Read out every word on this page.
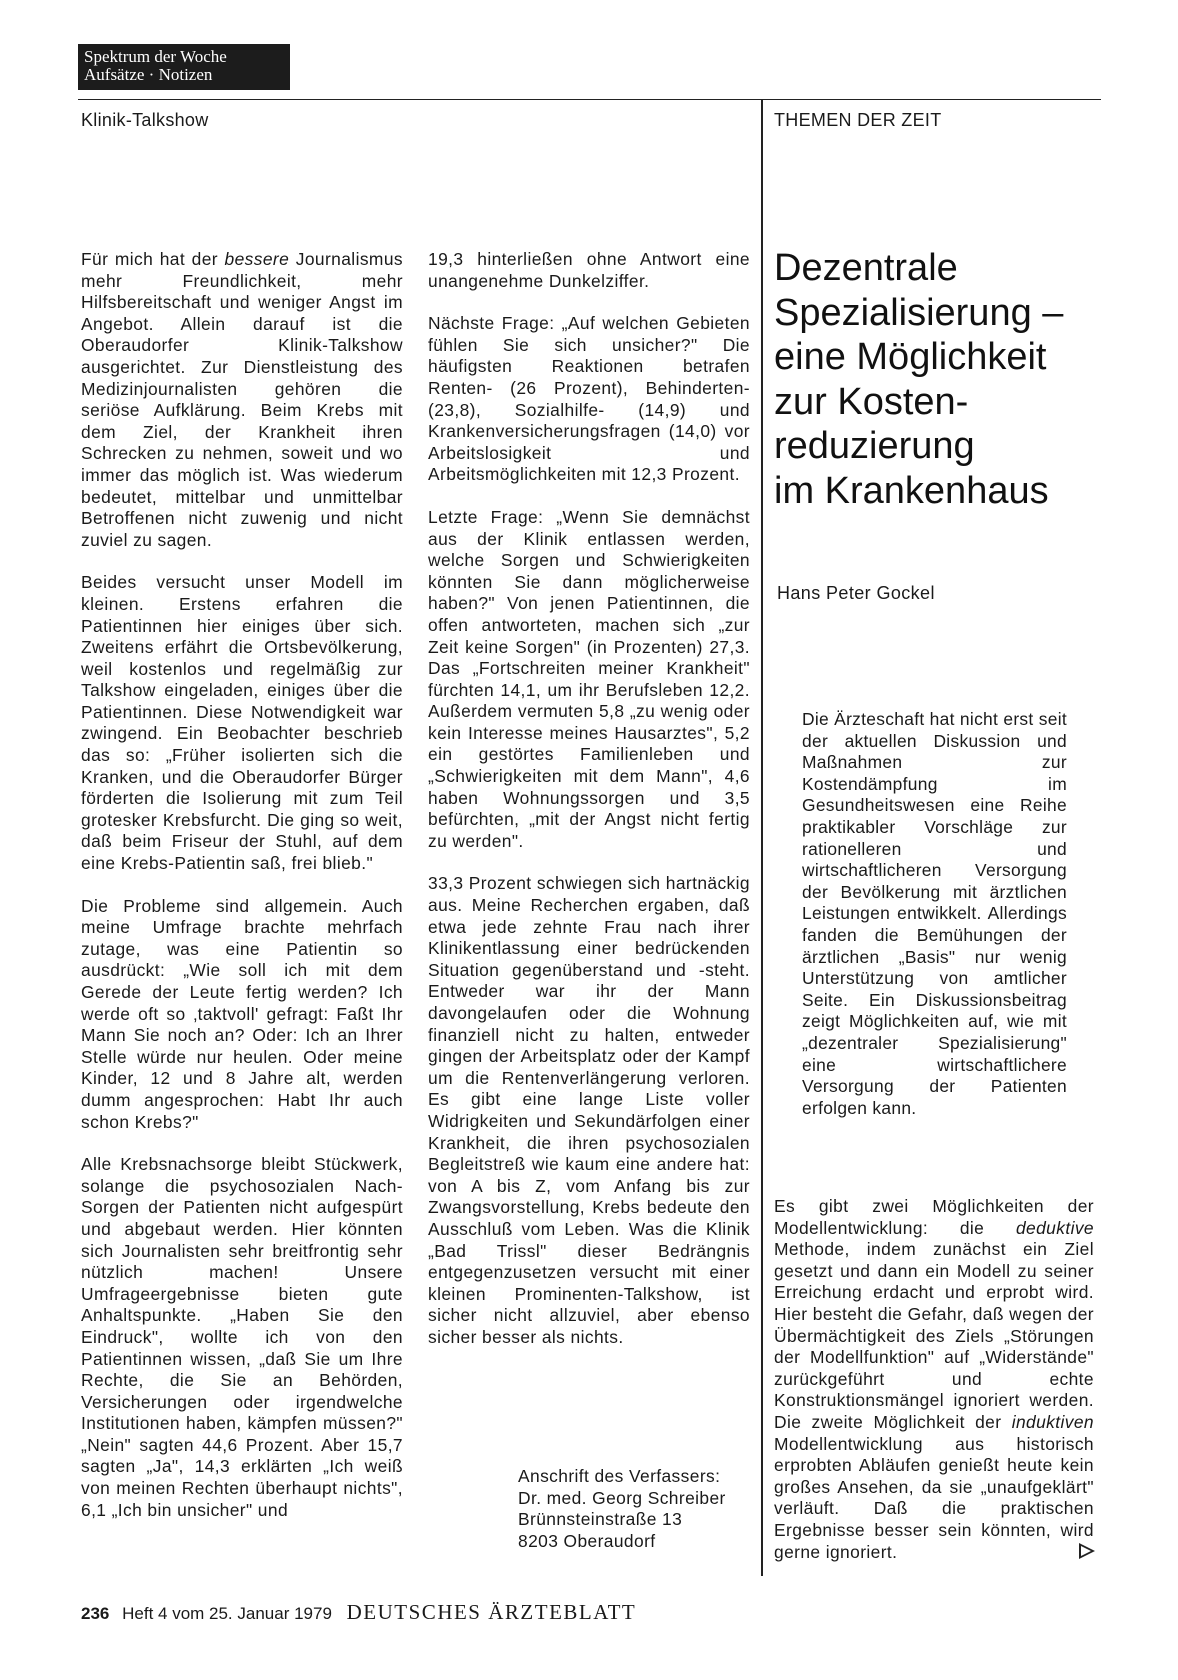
Spektrum der Woche
Aufsätze · Notizen
Klinik-Talkshow	THEMEN DER ZEIT

Für mich hat der bessere Journalismus mehr Freundlichkeit, mehr Hilfsbereitschaft und weniger Angst im Angebot. Allein darauf ist die Oberaudorfer Klinik-Talkshow ausgerichtet. Zur Dienstleistung des Medizinjournalisten gehören die seriöse Aufklärung. Beim Krebs mit dem Ziel, der Krankheit ihren Schrecken zu nehmen, soweit und wo immer das möglich ist. Was wiederum bedeutet, mittelbar und unmittelbar Betroffenen nicht zuwenig und nicht zuviel zu sagen.

Beides versucht unser Modell im kleinen. Erstens erfahren die Patientinnen hier einiges über sich. Zweitens erfährt die Ortsbevölkerung, weil kostenlos und regelmäßig zur Talkshow eingeladen, einiges über die Patientinnen. Diese Notwendigkeit war zwingend. Ein Beobachter beschrieb das so: „Früher isolierten sich die Kranken, und die Oberaudorfer Bürger förderten die Isolierung mit zum Teil grotesker Krebsfurcht. Die ging so weit, daß beim Friseur der Stuhl, auf dem eine Krebs-Patientin saß, frei blieb."

Die Probleme sind allgemein. Auch meine Umfrage brachte mehrfach zutage, was eine Patientin so ausdrückt: „Wie soll ich mit dem Gerede der Leute fertig werden? Ich werde oft so ‚taktvoll' gefragt: Faßt Ihr Mann Sie noch an? Oder: Ich an Ihrer Stelle würde nur heulen. Oder meine Kinder, 12 und 8 Jahre alt, werden dumm angesprochen: Habt Ihr auch schon Krebs?"

Alle Krebsnachsorge bleibt Stückwerk, solange die psychosozialen Nach-Sorgen der Patienten nicht aufgespürt und abgebaut werden. Hier könnten sich Journalisten sehr breitfrontig sehr nützlich machen! Unsere Umfrageergebnisse bieten gute Anhaltspunkte. „Haben Sie den Eindruck", wollte ich von den Patientinnen wissen, „daß Sie um Ihre Rechte, die Sie an Behörden, Versicherungen oder irgendwelche Institutionen haben, kämpfen müssen?" „Nein" sagten 44,6 Prozent. Aber 15,7 sagten „Ja", 14,3 erklärten „Ich weiß von meinen Rechten überhaupt nichts", 6,1 „Ich bin unsicher" und

19,3 hinterließen ohne Antwort eine unangenehme Dunkelziffer.

Nächste Frage: „Auf welchen Gebieten fühlen Sie sich unsicher?" Die häufigsten Reaktionen betrafen Renten- (26 Prozent), Behinderten- (23,8), Sozialhilfe- (14,9) und Krankenversicherungsfragen (14,0) vor Arbeitslosigkeit und Arbeitsmöglichkeiten mit 12,3 Prozent.

Letzte Frage: „Wenn Sie demnächst aus der Klinik entlassen werden, welche Sorgen und Schwierigkeiten könnten Sie dann möglicherweise haben?" Von jenen Patientinnen, die offen antworteten, machen sich „zur Zeit keine Sorgen" (in Prozenten) 27,3. Das „Fortschreiten meiner Krankheit" fürchten 14,1, um ihr Berufsleben 12,2. Außerdem vermuten 5,8 „zu wenig oder kein Interesse meines Hausarztes", 5,2 ein gestörtes Familienleben und „Schwierigkeiten mit dem Mann", 4,6 haben Wohnungssorgen und 3,5 befürchten, „mit der Angst nicht fertig zu werden".

33,3 Prozent schwiegen sich hartnäckig aus. Meine Recherchen ergaben, daß etwa jede zehnte Frau nach ihrer Klinikentlassung einer bedrückenden Situation gegenüberstand und -steht. Entweder war ihr der Mann davongelaufen oder die Wohnung finanziell nicht zu halten, entweder gingen der Arbeitsplatz oder der Kampf um die Rentenverlängerung verloren. Es gibt eine lange Liste voller Widrigkeiten und Sekundärfolgen einer Krankheit, die ihren psychosozialen Begleitstreß wie kaum eine andere hat: von A bis Z, vom Anfang bis zur Zwangsvorstellung, Krebs bedeute den Ausschluß vom Leben. Was die Klinik „Bad Trissl" dieser Bedrängnis entgegenzusetzen versucht mit einer kleinen Prominenten-Talkshow, ist sicher nicht allzuviel, aber ebenso sicher besser als nichts.

Anschrift des Verfassers:
Dr. med. Georg Schreiber
Brünnsteinstraße 13
8203 Oberaudorf
Dezentrale
Spezialisierung –
eine Möglichkeit
zur Kosten-
reduzierung
im Krankenhaus
Hans Peter Gockel
Die Ärzteschaft hat nicht erst seit der aktuellen Diskussion und Maßnahmen zur Kostendämpfung im Gesundheitswesen eine Reihe praktikabler Vorschläge zur rationelleren und wirtschaftlicheren Versorgung der Bevölkerung mit ärztlichen Leistungen entwikkelt. Allerdings fanden die Bemühungen der ärztlichen „Basis" nur wenig Unterstützung von amtlicher Seite. Ein Diskussionsbeitrag zeigt Möglichkeiten auf, wie mit „dezentraler Spezialisierung" eine wirtschaftlichere Versorgung der Patienten erfolgen kann.
Es gibt zwei Möglichkeiten der Modellentwicklung: die deduktive Methode, indem zunächst ein Ziel gesetzt und dann ein Modell zu seiner Erreichung erdacht und erprobt wird. Hier besteht die Gefahr, daß wegen der Übermächtigkeit des Ziels „Störungen der Modellfunktion" auf „Widerstände" zurückgeführt und echte Konstruktionsmängel ignoriert werden. Die zweite Möglichkeit der induktiven Modellentwicklung aus historisch erprobten Abläufen genießt heute kein großes Ansehen, da sie „unaufgeklärt" verläuft. Daß die praktischen Ergebnisse besser sein könnten, wird gerne ignoriert.
236 Heft 4 vom 25. Januar 1979 DEUTSCHES ÄRZTEBLATT
